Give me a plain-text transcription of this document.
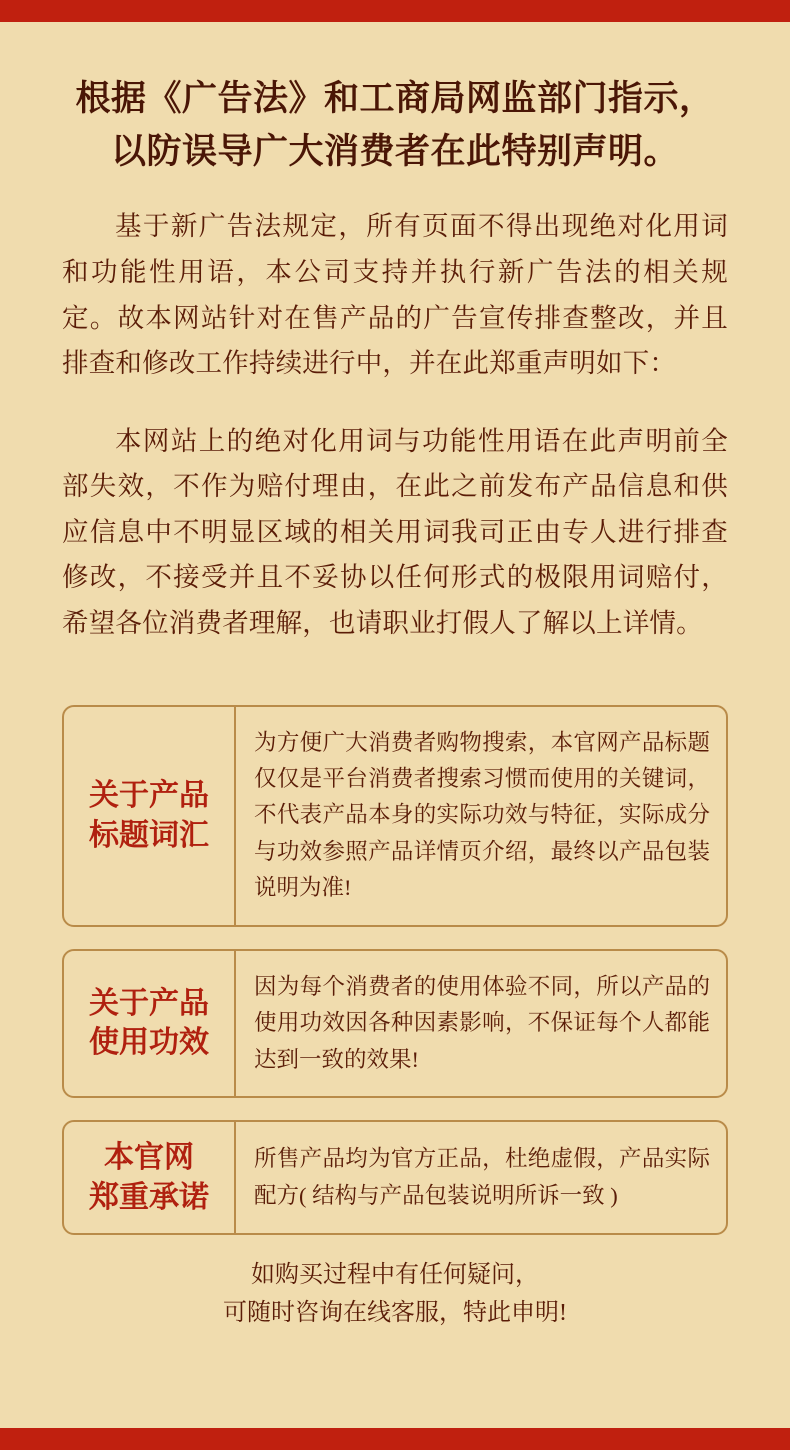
根据《广告法》和工商局网监部门指示，
以防误导广大消费者在此特别声明。

基于新广告法规定，所有页面不得出现绝对化用词和功能性用语，本公司支持并执行新广告法的相关规定。故本网站针对在售产品的广告宣传排查整改，并且排查和修改工作持续进行中，并在此郑重声明如下：

本网站上的绝对化用词与功能性用语在此声明前全部失效，不作为赔付理由，在此之前发布产品信息和供应信息中不明显区域的相关用词我司正由专人进行排查修改，不接受并且不妥协以任何形式的极限用词赔付，希望各位消费者理解，也请职业打假人了解以上详情。

关于产品
标题词汇
为方便广大消费者购物搜索，本官网产品标题仅仅是平台消费者搜索习惯而使用的关键词，不代表产品本身的实际功效与特征，实际成分与功效参照产品详情页介绍，最终以产品包装说明为准!
关于产品
使用功效
因为每个消费者的使用体验不同，所以产品的使用功效因各种因素影响，不保证每个人都能达到一致的效果!
本官网
郑重承诺
所售产品均为官方正品，杜绝虚假，产品实际配方( 结构与产品包装说明所诉一致 )
如购买过程中有任何疑问，
可随时咨询在线客服，特此申明!
